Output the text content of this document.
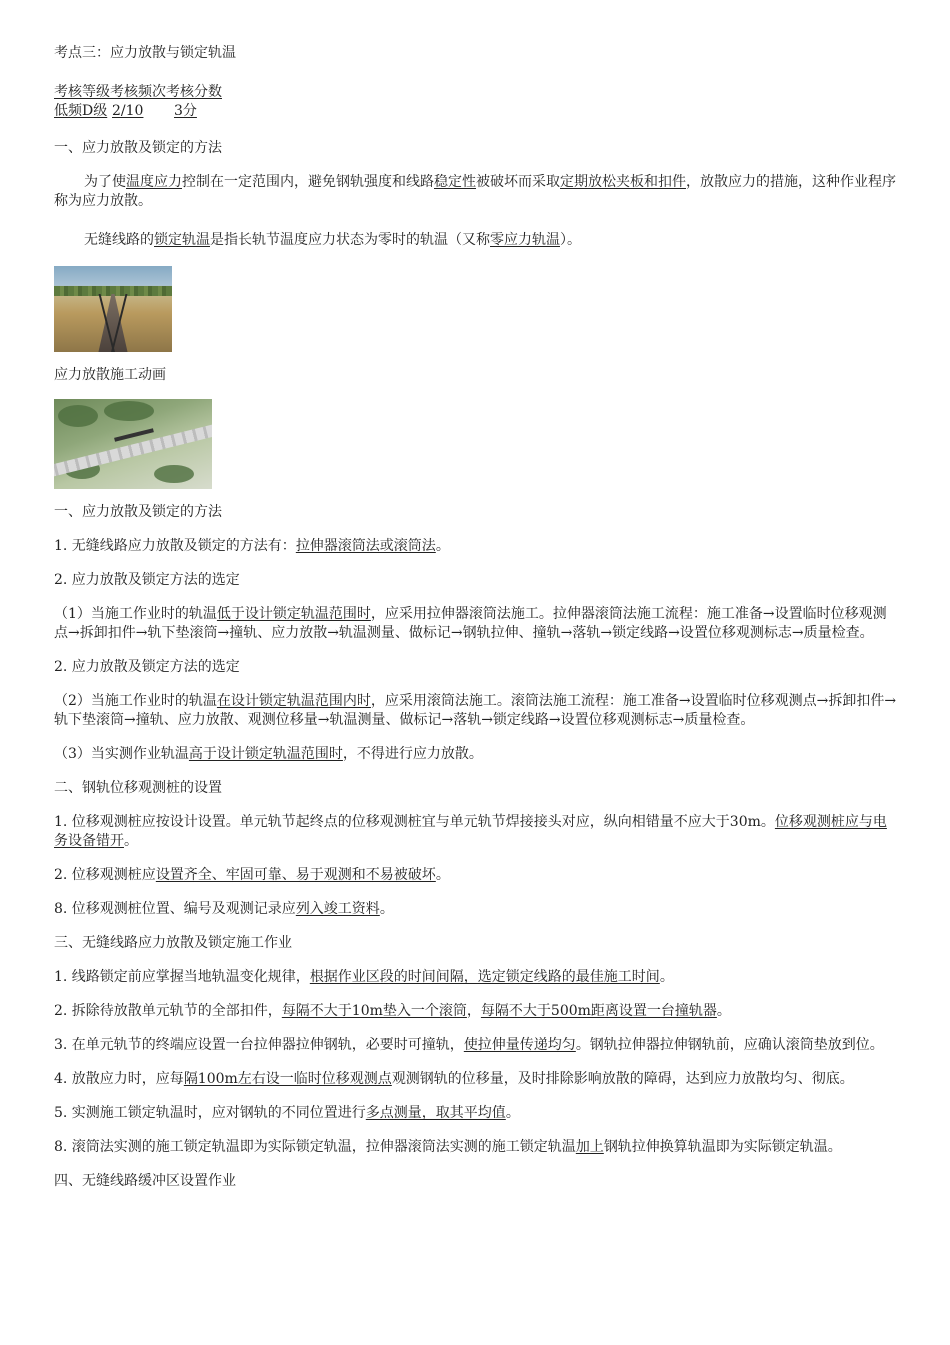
考点三：应力放散与锁定轨温

考核等级考核频次考核分数

低频D级 2/10	3分

一、应力放散及锁定的方法

为了使温度应力控制在一定范围内，避免钢轨强度和线路稳定性被破坏而采取定期放松夹板和扣件，放散应力的措施，这种作业程序称为应力放散。

无缝线路的锁定轨温是指长轨节温度应力状态为零时的轨温（又称零应力轨温）。

应力放散施工动画

一、应力放散及锁定的方法

1. 无缝线路应力放散及锁定的方法有：拉伸器滚筒法或滚筒法。

2. 应力放散及锁定方法的选定

（1）当施工作业时的轨温低于设计锁定轨温范围时，应采用拉伸器滚筒法施工。拉伸器滚筒法施工流程：施工准备→设置临时位移观测点→拆卸扣件→轨下垫滚筒→撞轨、应力放散→轨温测量、做标记→钢轨拉伸、撞轨→落轨→锁定线路→设置位移观测标志→质量检查。

2. 应力放散及锁定方法的选定

（2）当施工作业时的轨温在设计锁定轨温范围内时，应采用滚筒法施工。滚筒法施工流程：施工准备→设置临时位移观测点→拆卸扣件→轨下垫滚筒→撞轨、应力放散、观测位移量→轨温测量、做标记→落轨→锁定线路→设置位移观测标志→质量检查。

（3）当实测作业轨温高于设计锁定轨温范围时，不得进行应力放散。

二、钢轨位移观测桩的设置

1. 位移观测桩应按设计设置。单元轨节起终点的位移观测桩宜与单元轨节焊接接头对应，纵向相错量不应大于30m。位移观测桩应与电务设备错开。

2. 位移观测桩应设置齐全、牢固可靠、易于观测和不易被破坏。

8. 位移观测桩位置、编号及观测记录应列入竣工资料。

三、无缝线路应力放散及锁定施工作业

1. 线路锁定前应掌握当地轨温变化规律，根据作业区段的时间间隔，选定锁定线路的最佳施工时间。

2. 拆除待放散单元轨节的全部扣件，每隔不大于10m垫入一个滚筒，每隔不大于500m距离设置一台撞轨器。

3. 在单元轨节的终端应设置一台拉伸器拉伸钢轨，必要时可撞轨，使拉伸量传递均匀。钢轨拉伸器拉伸钢轨前，应确认滚筒垫放到位。

4. 放散应力时，应每隔100m左右设一临时位移观测点观测钢轨的位移量，及时排除影响放散的障碍，达到应力放散均匀、彻底。

5. 实测施工锁定轨温时，应对钢轨的不同位置进行多点测量，取其平均值。

8. 滚筒法实测的施工锁定轨温即为实际锁定轨温，拉伸器滚筒法实测的施工锁定轨温加上钢轨拉伸换算轨温即为实际锁定轨温。

四、无缝线路缓冲区设置作业
